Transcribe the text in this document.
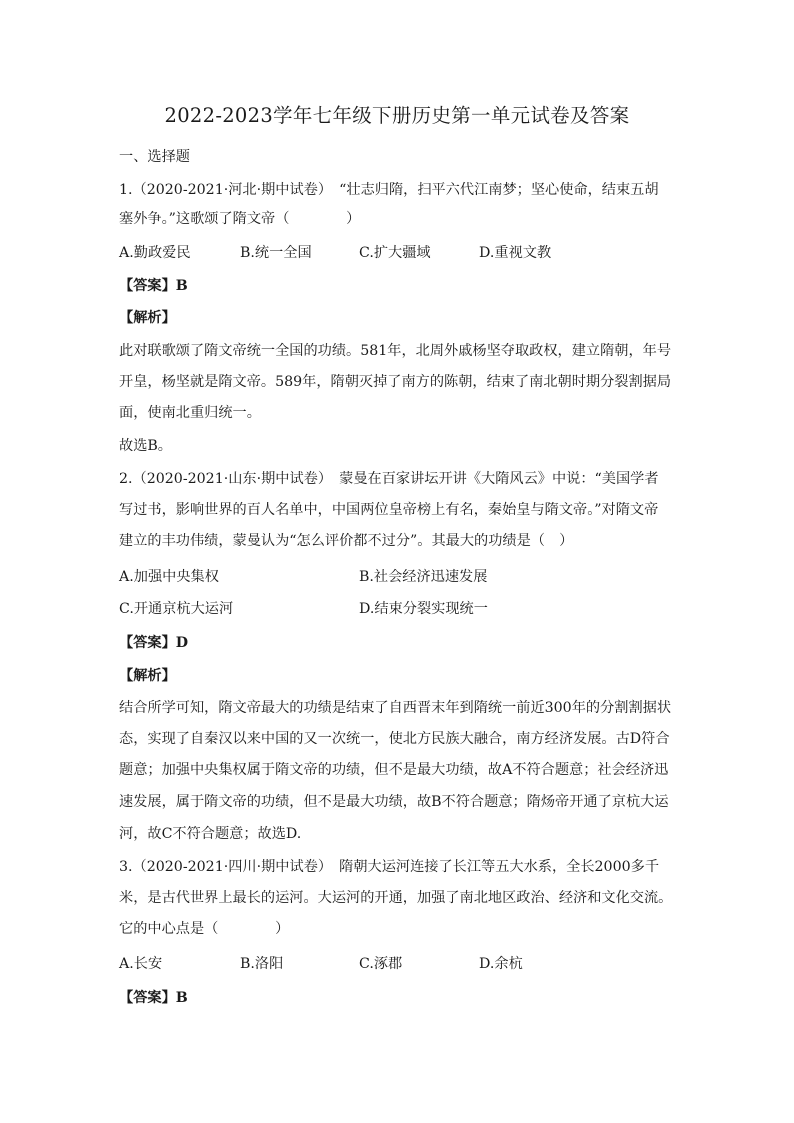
2022-2023学年七年级下册历史第一单元试卷及答案
一、选择题
1.（2020-2021·河北·期中试卷）　“壮志归隋，扫平六代江南梦；坚心使命，结束五胡
塞外争。”这歌颂了隋文帝（　　　　）
A.勤政爱民	B.统一全国	C.扩大疆域	D.重视文教
【答案】B
【解析】
此对联歌颂了隋文帝统一全国的功绩。581年，北周外戚杨坚夺取政权，建立隋朝，年号
开皇，杨坚就是隋文帝。589年，隋朝灭掉了南方的陈朝，结束了南北朝时期分裂割据局
面，使南北重归统一。
故选B。
2.（2020-2021·山东·期中试卷）　蒙曼在百家讲坛开讲《大隋风云》中说：“美国学者
写过书，影响世界的百人名单中，中国两位皇帝榜上有名，秦始皇与隋文帝。”对隋文帝
建立的丰功伟绩，蒙曼认为“怎么评价都不过分”。其最大的功绩是（　）
A.加强中央集权	B.社会经济迅速发展
C.开通京杭大运河	D.结束分裂实现统一
【答案】D
【解析】
结合所学可知，隋文帝最大的功绩是结束了自西晋末年到隋统一前近300年的分割割据状
态，实现了自秦汉以来中国的又一次统一，使北方民族大融合，南方经济发展。古D符合
题意；加强中央集权属于隋文帝的功绩，但不是最大功绩，故A不符合题意；社会经济迅
速发展，属于隋文帝的功绩，但不是最大功绩，故B不符合题意；隋炀帝开通了京杭大运
河，故C不符合题意；故选D.
3.（2020-2021·四川·期中试卷）　隋朝大运河连接了长江等五大水系，全长2000多千
米，是古代世界上最长的运河。大运河的开通，加强了南北地区政治、经济和文化交流。
它的中心点是（　　　　）
A.长安	B.洛阳	C.涿郡	D.余杭
【答案】B
